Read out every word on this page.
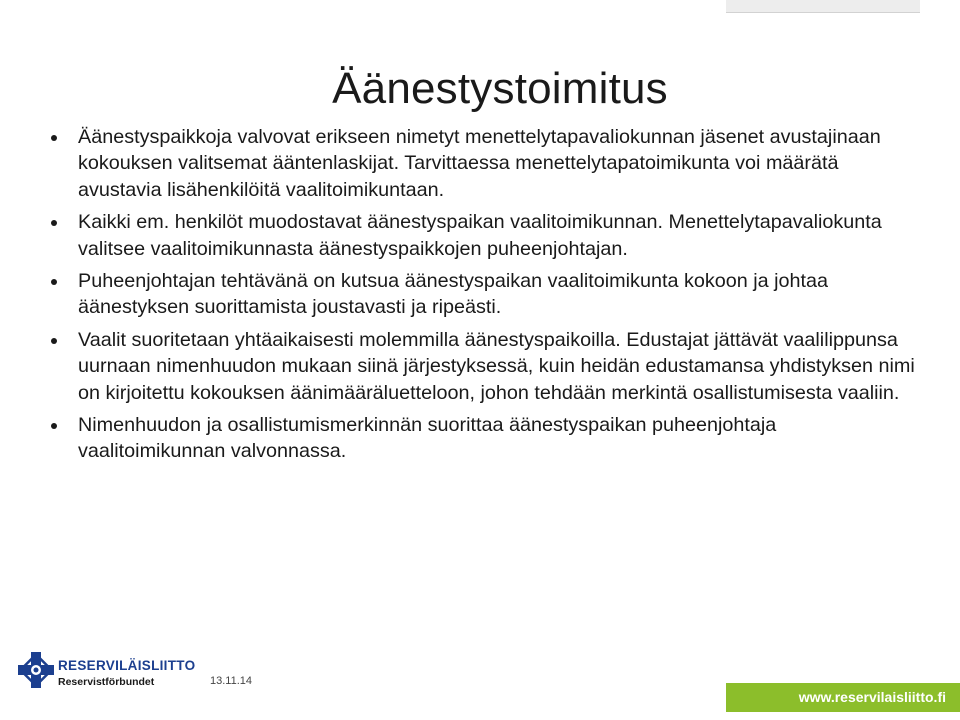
Äänestystoimitus
Äänestyspaikkoja valvovat erikseen nimetyt menettelytapavaliokunnan jäsenet avustajinaan kokouksen valitsemat ääntenlaskijat. Tarvittaessa menettelytapatoimikunta voi määrätä avustavia lisähenkilöitä vaalitoimikuntaan.
Kaikki em. henkilöt muodostavat äänestyspaikan vaalitoimikunnan. Menettelytapavaliokunta valitsee vaalitoimikunnasta äänestyspaikkojen puheenjohtajan.
Puheenjohtajan tehtävänä on kutsua äänestyspaikan vaalitoimikunta kokoon ja johtaa äänestyksen suorittamista joustavasti ja ripeästi.
Vaalit suoritetaan yhtäaikaisesti molemmilla äänestyspaikoilla. Edustajat jättävät vaalilippunsa uurnaan nimenhuudon mukaan siinä järjestyksessä, kuin heidän edustamansa yhdistyksen nimi on kirjoitettu kokouksen äänimääräluetteloon, johon tehdään merkintä osallistumisesta vaaliin.
Nimenhuudon ja osallistumismerkinnän suorittaa äänestyspaikan puheenjohtaja vaalitoimikunnan valvonnassa.
RESERVILÄISLIITTO
Reservistförbundet	13.11.14
www.reservilaisliitto.fi
